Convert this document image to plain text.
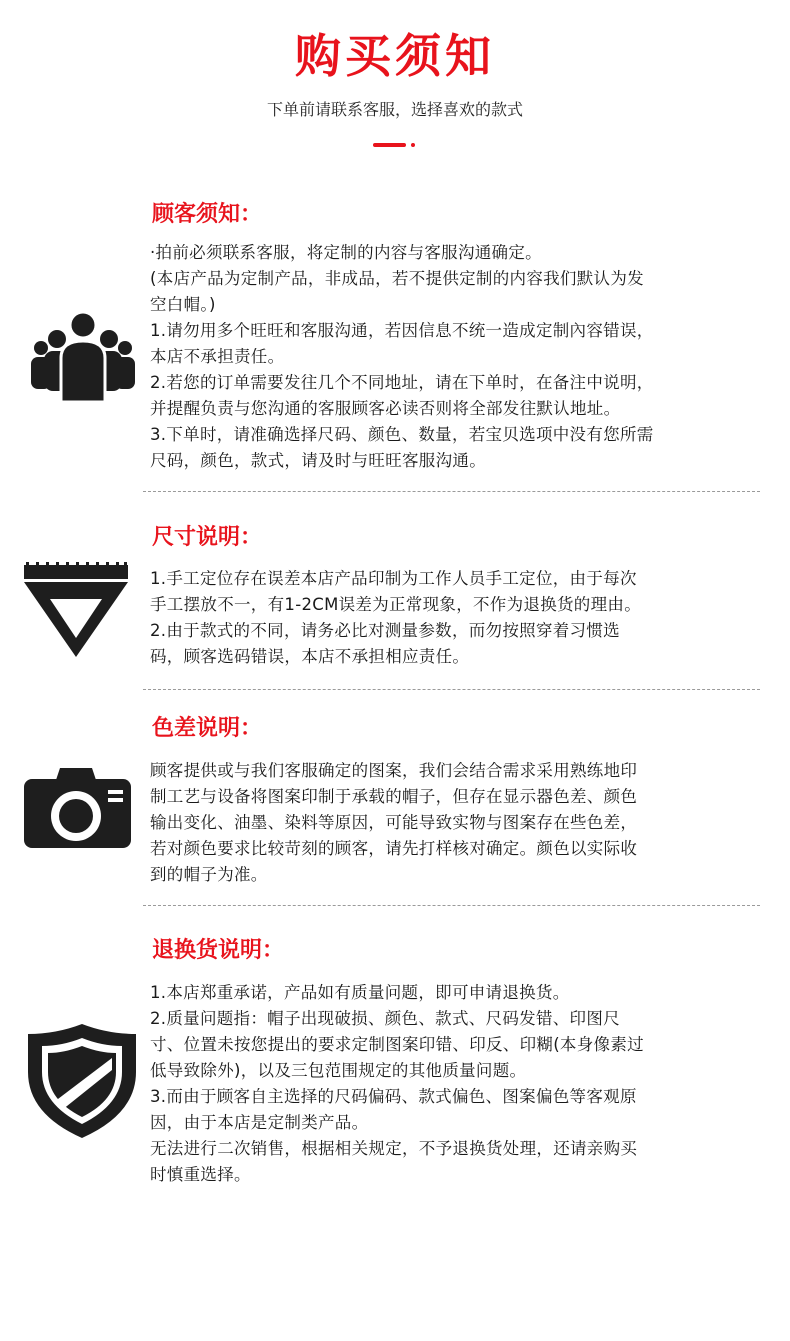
购买须知
下单前请联系客服，选择喜欢的款式
顾客须知：
·拍前必须联系客服，将定制的内容与客服沟通确定。
(本店产品为定制产品，非成品，若不提供定制的内容我们默认为发
空白帽。)
1.请勿用多个旺旺和客服沟通，若因信息不统一造成定制內容错误，
本店不承担责任。
2.若您的订单需要发往几个不同地址，请在下单时，在备注中说明，
并提醒负责与您沟通的客服顾客必读否则将全部发往默认地址。
3.下单时，请准确选择尺码、颜色、数量，若宝贝选项中没有您所需
尺码，颜色，款式，请及时与旺旺客服沟通。
尺寸说明：
1.手工定位存在误差本店产品印制为工作人员手工定位，由于每次
手工摆放不一，有1-2CM误差为正常现象，不作为退换货的理由。
2.由于款式的不同，请务必比对测量参数，而勿按照穿着习惯选
码，顾客选码错误，本店不承担相应责任。
色差说明：
顾客提供或与我们客服确定的图案，我们会结合需求采用熟练地印
制工艺与设备将图案印制于承载的帽子，但存在显示器色差、颜色
输出变化、油墨、染料等原因，可能导致实物与图案存在些色差，
若对颜色要求比较苛刻的顾客，请先打样核对确定。颜色以实际收
到的帽子为准。
退换货说明：
1.本店郑重承诺，产品如有质量问题，即可申请退换货。
2.质量问题指：帽子出现破损、颜色、款式、尺码发错、印图尺
寸、位置未按您提出的要求定制图案印错、印反、印糊(本身像素过
低导致除外)，以及三包范围规定的其他质量问题。
3.而由于顾客自主选择的尺码偏码、款式偏色、图案偏色等客观原
因，由于本店是定制类产品。
无法进行二次销售，根据相关规定，不予退换货处理，还请亲购买
时慎重选择。
